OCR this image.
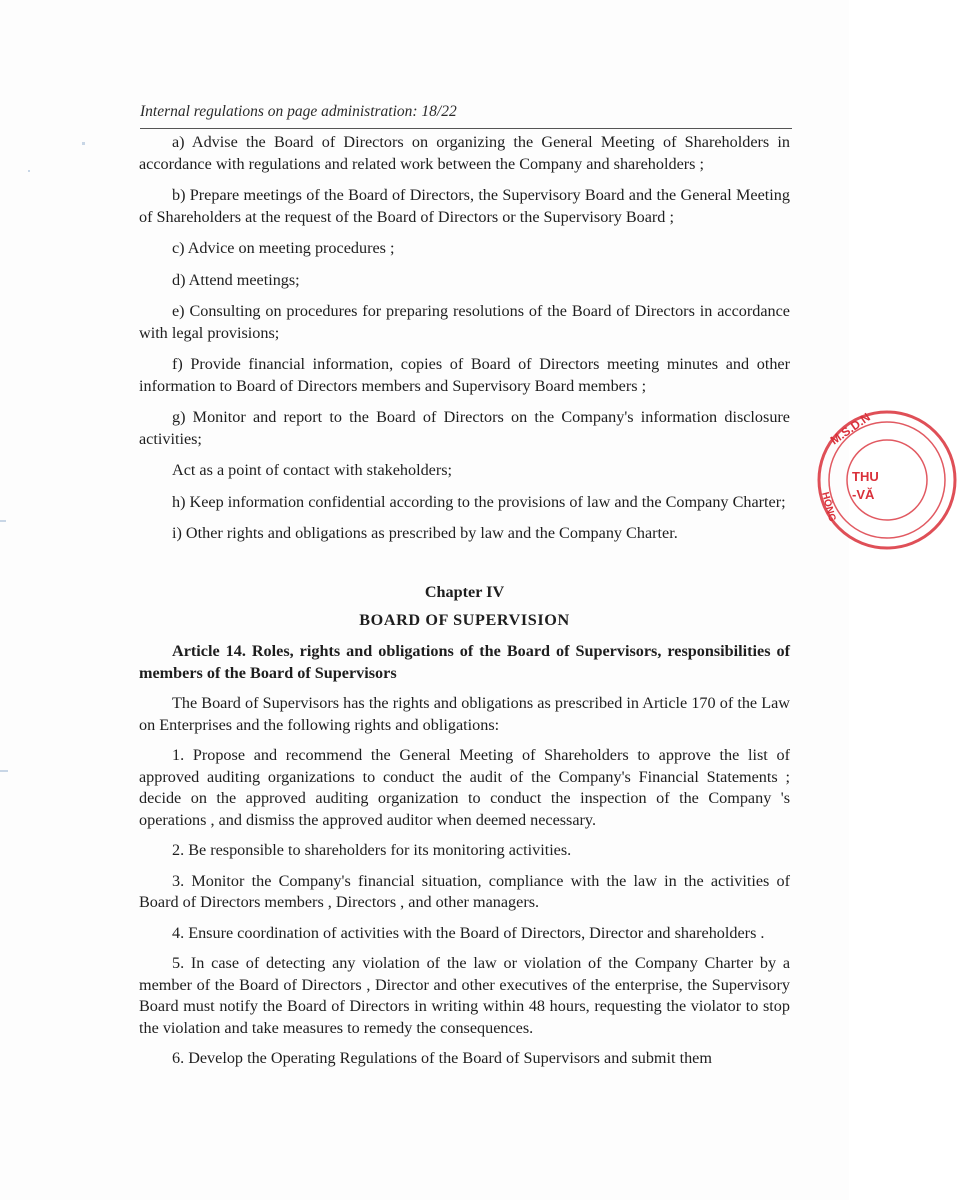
Internal regulations on page administration: 18/22

a) Advise the Board of Directors on organizing the General Meeting of Shareholders in accordance with regulations and related work between the Company and shareholders ;

b) Prepare meetings of the Board of Directors, the Supervisory Board and the General Meeting of Shareholders at the request of the Board of Directors or the Supervisory Board ;

c) Advice on meeting procedures ;

d) Attend meetings;

e) Consulting on procedures for preparing resolutions of the Board of Directors in accordance with legal provisions;

f) Provide financial information, copies of Board of Directors meeting minutes and other information to Board of Directors members and Supervisory Board members ;

g) Monitor and report to the Board of Directors on the Company's information disclosure activities;

Act as a point of contact with stakeholders;

h) Keep information confidential according to the provisions of law and the Company Charter;

i) Other rights and obligations as prescribed by law and the Company Charter.

Chapter IV
BOARD OF SUPERVISION

Article 14. Roles, rights and obligations of the Board of Supervisors, responsibilities of members of the Board of Supervisors

The Board of Supervisors has the rights and obligations as prescribed in Article 170 of the Law on Enterprises and the following rights and obligations:

1. Propose and recommend the General Meeting of Shareholders to approve the list of approved auditing organizations to conduct the audit of the Company's Financial Statements ; decide on the approved auditing organization to conduct the inspection of the Company 's operations , and dismiss the approved auditor when deemed necessary.

2. Be responsible to shareholders for its monitoring activities.

3. Monitor the Company's financial situation, compliance with the law in the activities of Board of Directors members , Directors , and other managers.

4. Ensure coordination of activities with the Board of Directors, Director and shareholders .

5. In case of detecting any violation of the law or violation of the Company Charter by a member of the Board of Directors , Director and other executives of the enterprise, the Supervisory Board must notify the Board of Directors in writing within 48 hours, requesting the violator to stop the violation and take measures to remedy the consequences.

6. Develop the Operating Regulations of the Board of Supervisors and submit them

M.S.D.N
THU
-VĂ
HỒNG
